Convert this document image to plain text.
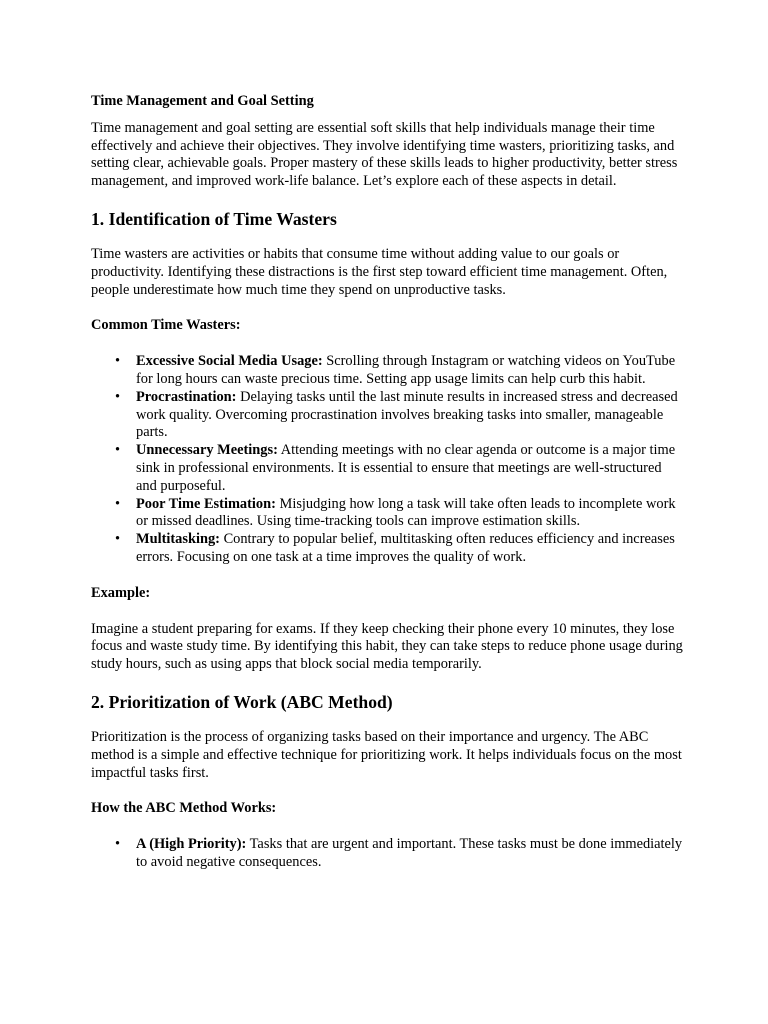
Time Management and Goal Setting

Time management and goal setting are essential soft skills that help individuals manage their time effectively and achieve their objectives. They involve identifying time wasters, prioritizing tasks, and setting clear, achievable goals. Proper mastery of these skills leads to higher productivity, better stress management, and improved work-life balance. Let’s explore each of these aspects in detail.

1. Identification of Time Wasters

Time wasters are activities or habits that consume time without adding value to our goals or productivity. Identifying these distractions is the first step toward efficient time management. Often, people underestimate how much time they spend on unproductive tasks.

Common Time Wasters:
• Excessive Social Media Usage: Scrolling through Instagram or watching videos on YouTube for long hours can waste precious time. Setting app usage limits can help curb this habit.
• Procrastination: Delaying tasks until the last minute results in increased stress and decreased work quality. Overcoming procrastination involves breaking tasks into smaller, manageable parts.
• Unnecessary Meetings: Attending meetings with no clear agenda or outcome is a major time sink in professional environments. It is essential to ensure that meetings are well-structured and purposeful.
• Poor Time Estimation: Misjudging how long a task will take often leads to incomplete work or missed deadlines. Using time-tracking tools can improve estimation skills.
• Multitasking: Contrary to popular belief, multitasking often reduces efficiency and increases errors. Focusing on one task at a time improves the quality of work.
Example:

Imagine a student preparing for exams. If they keep checking their phone every 10 minutes, they lose focus and waste study time. By identifying this habit, they can take steps to reduce phone usage during study hours, such as using apps that block social media temporarily.

2. Prioritization of Work (ABC Method)

Prioritization is the process of organizing tasks based on their importance and urgency. The ABC method is a simple and effective technique for prioritizing work. It helps individuals focus on the most impactful tasks first.

How the ABC Method Works:
• A (High Priority): Tasks that are urgent and important. These tasks must be done immediately to avoid negative consequences.
